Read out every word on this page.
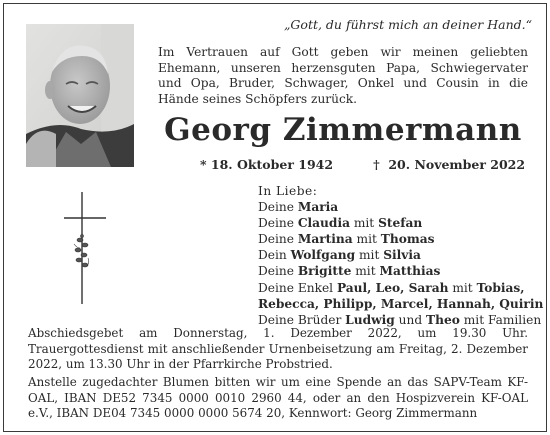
„Gott, du führst mich an deiner Hand.“
Im Vertrauen auf Gott geben wir meinen geliebten Ehemann, unseren herzensguten Papa, Schwiegervater und Opa, Bruder, Schwager, Onkel und Cousin in die Hände seines Schöpfers zurück.
Georg Zimmermann
* 18. Oktober 1942	† 20. November 2022
In Liebe:
Deine Maria
Deine Claudia mit Stefan
Deine Martina mit Thomas
Dein Wolfgang mit Silvia
Deine Brigitte mit Matthias
Deine Enkel Paul, Leo, Sarah mit Tobias,
Rebecca, Philipp, Marcel, Hannah, Quirin
Deine Brüder Ludwig und Theo mit Familien
Abschiedsgebet am Donnerstag, 1. Dezember 2022, um 19.30 Uhr. Trauergottesdienst mit anschließender Urnenbeisetzung am Freitag, 2. Dezember 2022, um 13.30 Uhr in der Pfarrkirche Probstried.
Anstelle zugedachter Blumen bitten wir um eine Spende an das SAPV-Team KF-OAL, IBAN DE52 7345 0000 0010 2960 44, oder an den Hospizverein KF-OAL e.V., IBAN DE04 7345 0000 0000 5674 20, Kennwort: Georg Zimmermann
